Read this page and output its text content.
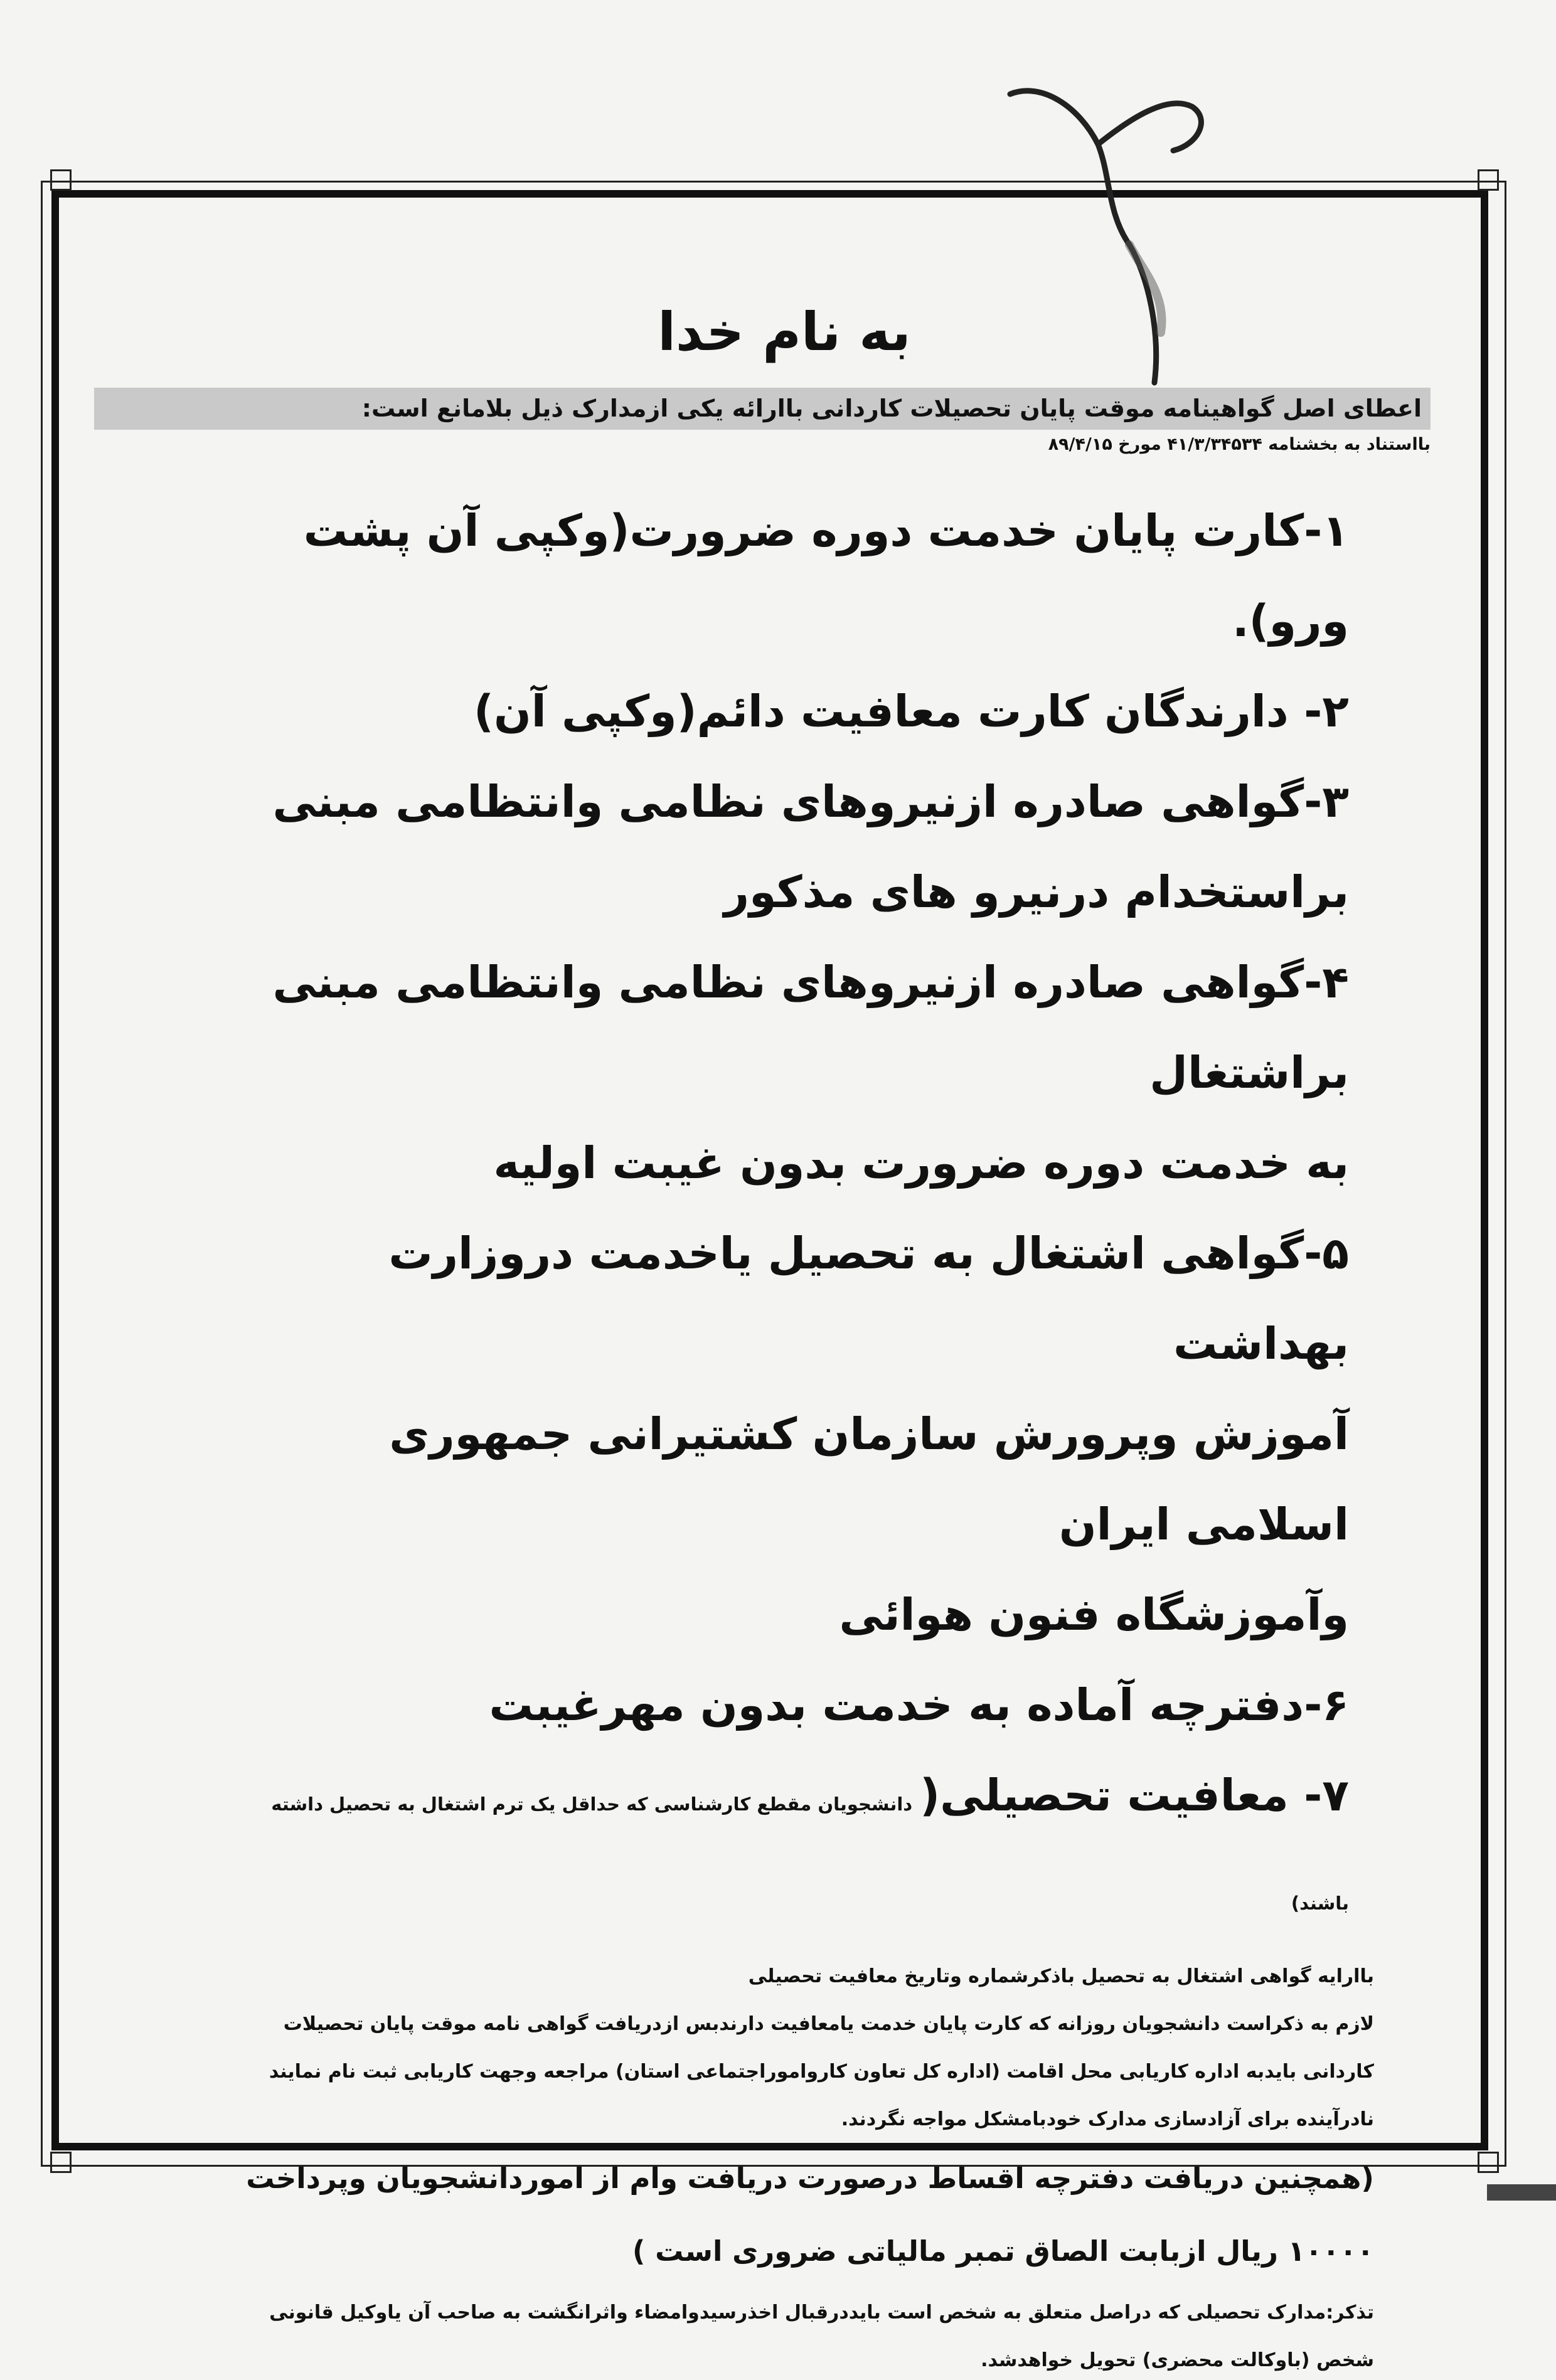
به نام خدا
اعطای اصل گواهینامه موقت پایان تحصیلات کاردانی باارائه یکی ازمدارک ذیل بلامانع است:
بااستناد به بخشنامه ۴۱/۳/۳۴۵۳۴ مورخ ۸۹/۴/۱۵

۱-کارت پایان خدمت دوره ضرورت(وکپی آن پشت ورو).

۲- دارندگان کارت معافیت دائم(وکپی آن)

۳-گواهی صادره ازنیروهای نظامی وانتظامی مبنی

براستخدام درنیرو های مذکور

۴-گواهی صادره ازنیروهای نظامی وانتظامی مبنی براشتغال

به خدمت دوره ضرورت بدون غیبت اولیه

۵-گواهی اشتغال به تحصیل یاخدمت دروزارت بهداشت

آموزش وپرورش سازمان کشتیرانی جمهوری اسلامی ایران

وآموزشگاه فنون هوائی

۶-دفترچه آماده به خدمت بدون مهرغیبت

۷- معافیت تحصیلی(دانشجویان مقطع کارشناسی که حداقل یک ترم اشتغال به تحصیل داشته باشند)

باارایه گواهی اشتغال به تحصیل باذکرشماره وتاریخ معافیت تحصیلی
لازم به ذکراست دانشجویان روزانه که کارت پایان خدمت یامعافیت دارندبس ازدریافت گواهی نامه موقت پایان تحصیلات
کاردانی بایدبه اداره کاریابی محل اقامت (اداره کل تعاون کارواموراجتماعی استان) مراجعه وجهت کاریابی ثبت نام نمایند
نادرآینده برای آزادسازی مدارک خودبامشکل مواجه نگردند.
(همچنین دریافت دفترچه اقساط درصورت دریافت وام از اموردانشجویان وپرداخت
۱۰۰۰۰ ریال ازبابت الصاق تمبر مالیاتی ضروری است )
تذکر:مدارک تحصیلی که دراصل متعلق به شخص است بایددرقبال اخذرسیدوامضاء واثرانگشت به صاحب آن یاوکیل قانونی
شخص (باوکالت محضری) تحویل خواهدشد.
